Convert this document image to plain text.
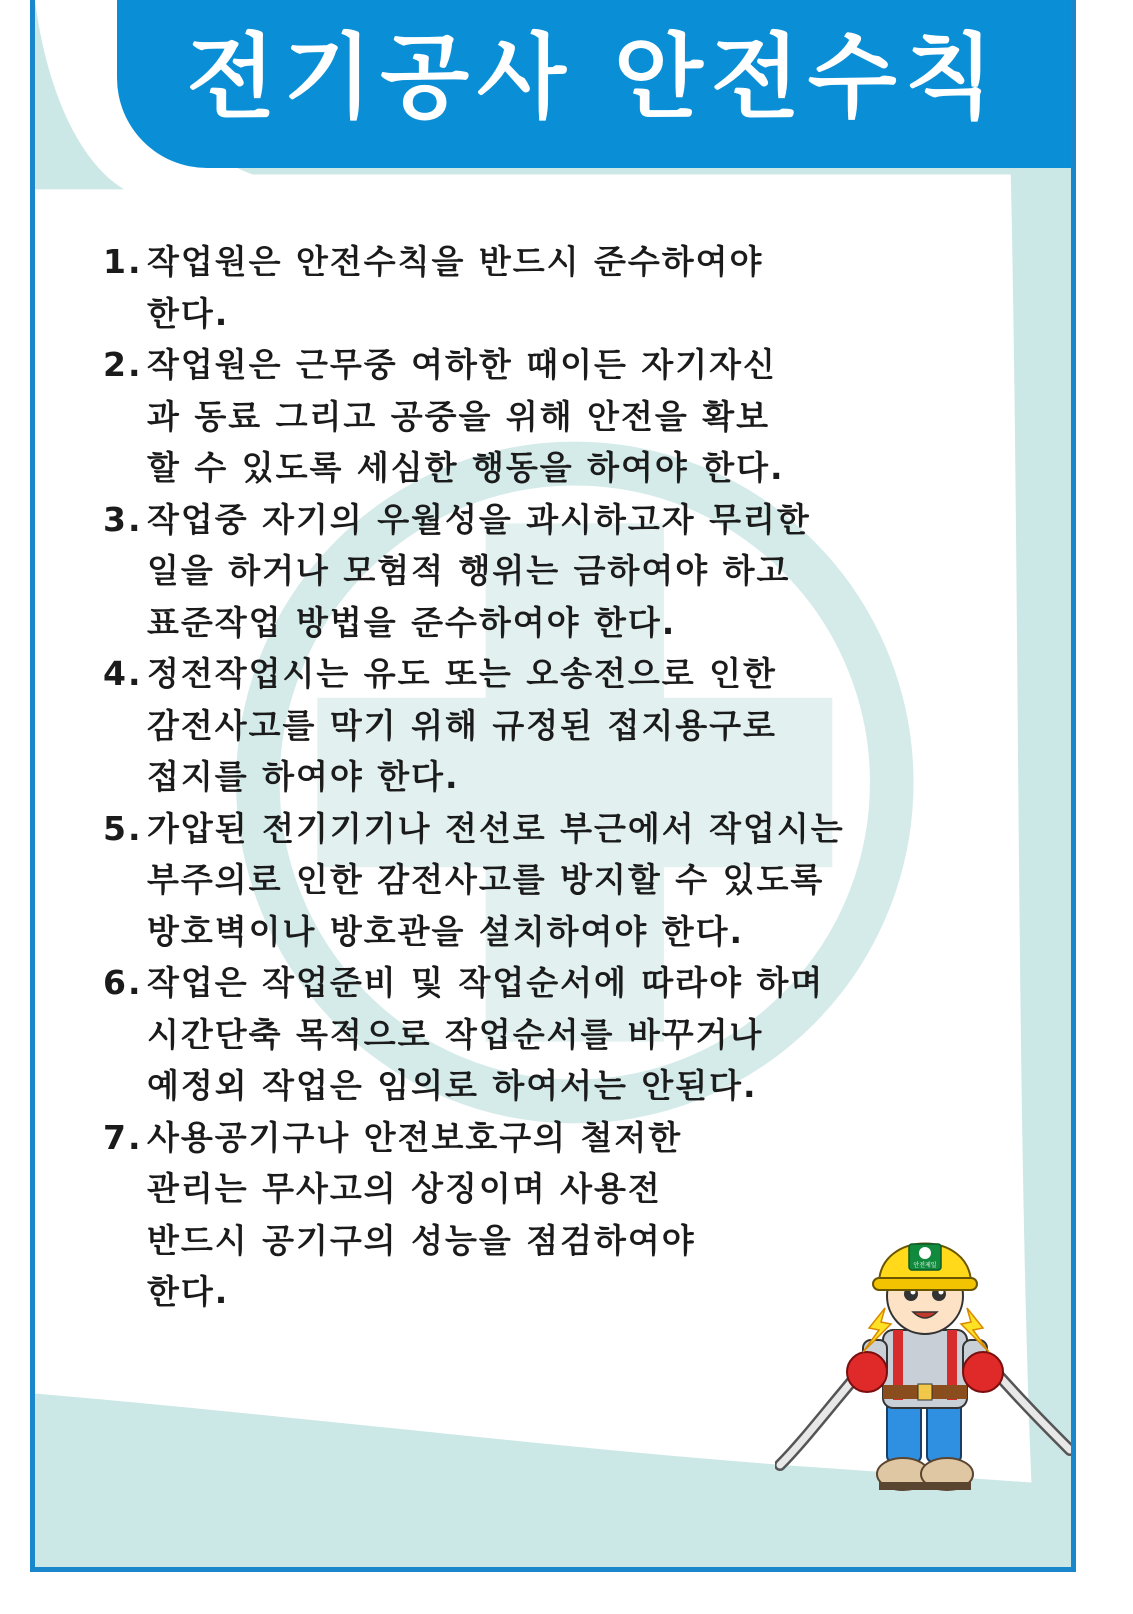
전기공사 안전수칙
1. 작업원은 안전수칙을 반드시 준수하여야
한다.
2. 작업원은 근무중 여하한 때이든 자기자신
과 동료 그리고 공중을 위해 안전을 확보
할 수 있도록 세심한 행동을 하여야 한다.
3. 작업중 자기의 우월성을 과시하고자 무리한
일을 하거나 모험적 행위는 금하여야 하고
표준작업 방법을 준수하여야 한다.
4. 정전작업시는 유도 또는 오송전으로 인한
감전사고를 막기 위해 규정된 접지용구로
접지를 하여야 한다.
5. 가압된 전기기기나 전선로 부근에서 작업시는
부주의로 인한 감전사고를 방지할 수 있도록
방호벽이나 방호관을 설치하여야 한다.
6. 작업은 작업준비 및 작업순서에 따라야 하며
시간단축 목적으로 작업순서를 바꾸거나
예정외 작업은 임의로 하여서는 안된다.
7. 사용공기구나 안전보호구의 철저한
관리는 무사고의 상징이며 사용전
반드시 공기구의 성능을 점검하여야
한다.
안전제일
